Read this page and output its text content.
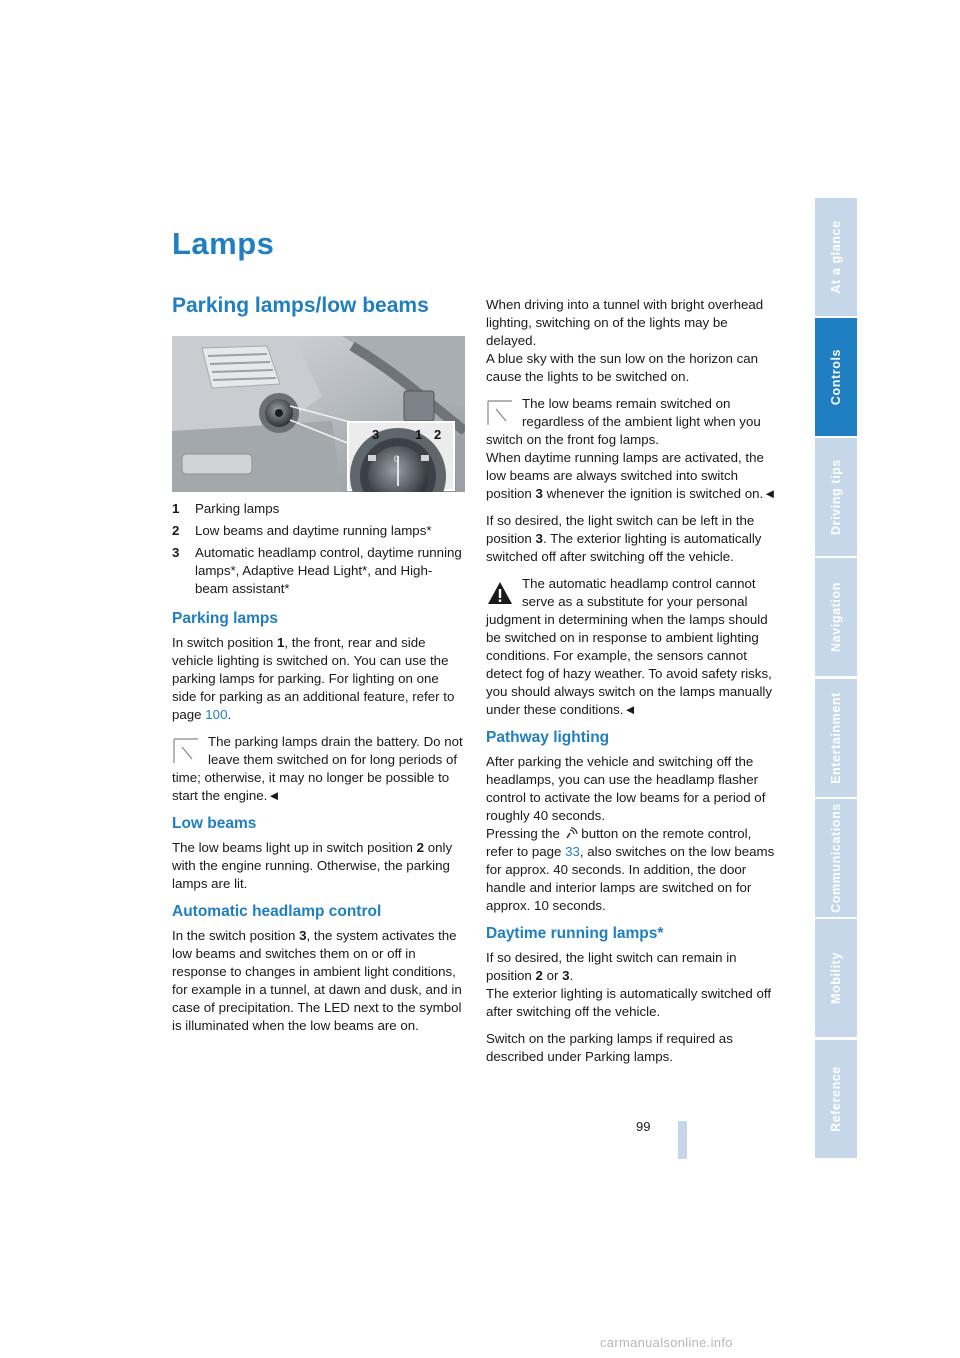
Lamps
Parking lamps/low beams
0
3	1 2
1	Parking lamps
2	Low beams and daytime running lamps*
3	Automatic headlamp control, daytime running lamps*, Adaptive Head Light*, and High-beam assistant*
Parking lamps

In switch position 1, the front, rear and side vehicle lighting is switched on. You can use the parking lamps for parking. For lighting on one side for parking as an additional feature, refer to page 100.

The parking lamps drain the battery. Do not leave them switched on for long periods of time; otherwise, it may no longer be possible to start the engine.◄

Low beams

The low beams light up in switch position 2 only with the engine running. Otherwise, the parking lamps are lit.

Automatic headlamp control

In the switch position 3, the system activates the low beams and switches them on or off in response to changes in ambient light conditions, for example in a tunnel, at dawn and dusk, and in case of precipitation. The LED next to the symbol is illuminated when the low beams are on.

When driving into a tunnel with bright overhead lighting, switching on of the lights may be delayed.

A blue sky with the sun low on the horizon can cause the lights to be switched on.

The low beams remain switched on regardless of the ambient light when you switch on the front fog lamps.

When daytime running lamps are activated, the low beams are always switched into switch position 3 whenever the ignition is switched on.◄

If so desired, the light switch can be left in the position 3. The exterior lighting is automatically switched off after switching off the vehicle.

The automatic headlamp control cannot serve as a substitute for your personal judgment in determining when the lamps should be switched on in response to ambient lighting conditions. For example, the sensors cannot detect fog of hazy weather. To avoid safety risks, you should always switch on the lamps manually under these conditions.◄

Pathway lighting

After parking the vehicle and switching off the headlamps, you can use the headlamp flasher control to activate the low beams for a period of roughly 40 seconds.

Pressing the  button on the remote control, refer to page 33, also switches on the low beams for approx. 40 seconds. In addition, the door handle and interior lamps are switched on for approx. 10 seconds.

Daytime running lamps*

If so desired, the light switch can remain in position 2 or 3.

The exterior lighting is automatically switched off after switching off the vehicle.

Switch on the parking lamps if required as described under Parking lamps.

At a glance
Controls
Driving tips
Navigation
Entertainment
Communications
Mobility
Reference
99
carmanualsonline.info
